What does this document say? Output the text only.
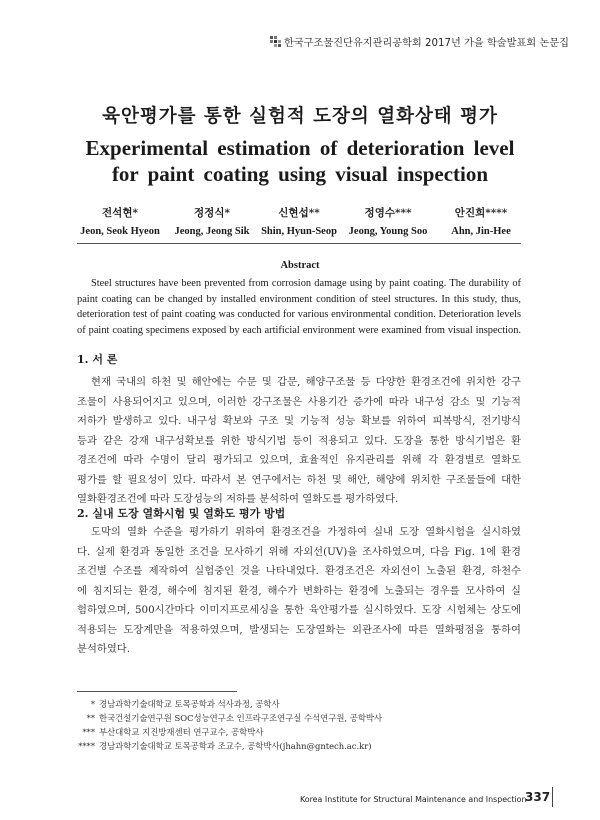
한국구조물진단유지관리공학회 2017년 가을 학술발표회 논문집
육안평가를 통한 실험적 도장의 열화상태 평가
Experimental estimation of deterioration level
for paint coating using visual inspection
전석현*
Jeon, Seok Hyeon
정정식*
Jeong, Jeong Sik
신현섭**
Shin, Hyun-Seop
정영수***
Jeong, Young Soo
안진희****
Ahn, Jin-Hee
Abstract
Steel structures have been prevented from corrosion damage using by paint coating. The durability of
paint coating can be changed by installed environment condition of steel structures. In this study, thus,
deterioration test of paint coating was conducted for various environmental condition. Deterioration levels
of paint coating specimens exposed by each artificial environment were examined from visual inspection.
1. 서 론
현재 국내의 하천 및 해안에는 수문 및 갑문, 해양구조물 등 다양한 환경조건에 위치한 강구
조물이 사용되어지고 있으며, 이러한 강구조물은 사용기간 증가에 따라 내구성 감소 및 기능적
저하가 발생하고 있다. 내구성 확보와 구조 및 기능적 성능 확보를 위하여 피복방식, 전기방식
등과 같은 강재 내구성확보를 위한 방식기법 등이 적용되고 있다. 도장을 통한 방식기법은 환
경조건에 따라 수명이 달리 평가되고 있으며, 효율적인 유지관리를 위해 각 환경별로 열화도
평가를 할 필요성이 있다. 따라서 본 연구에서는 하천 및 해안, 해양에 위치한 구조물들에 대한
열화환경조건에 따라 도장성능의 저하를 분석하여 열화도를 평가하였다.
2. 실내 도장 열화시험 및 열화도 평가 방법
도막의 열화 수준을 평가하기 위하여 환경조건을 가정하여 실내 도장 열화시험을 실시하였
다. 실제 환경과 동일한 조건을 모사하기 위해 자외선(UV)을 조사하였으며, 다음 Fig. 1에 환경
조건별 수조를 제작하여 실험중인 것을 나타내었다. 환경조건은 자외선이 노출된 환경, 하천수
에 침지되는 환경, 해수에 침지된 환경, 해수가 변화하는 환경에 노출되는 경우를 모사하여 실
험하였으며, 500시간마다 이미지프로세싱을 통한 육안평가를 실시하였다. 도장 시험체는 상도에
적용되는 도장계만을 적용하였으며, 발생되는 도장열화는 외관조사에 따른 열화평점을 통하여
분석하였다.
* 경남과학기술대학교 토목공학과 석사과정, 공학사
** 한국건설기술연구원 SOC성능연구소 인프라구조연구실 수석연구원, 공학박사
*** 부산대학교 지진방재센터 연구교수, 공학박사
**** 경남과학기술대학교 토목공학과 조교수, 공학박사(jhahn@gntech.ac.kr)
Korea Institute for Structural Maintenance and Inspection
337
